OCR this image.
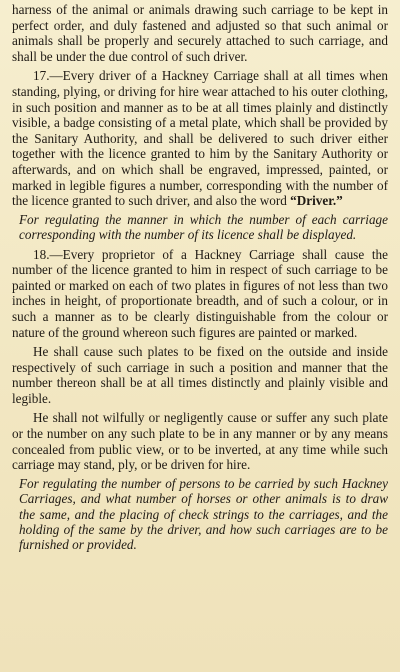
harness of the animal or animals drawing such carriage to be kept in perfect order, and duly fastened and adjusted so that such animal or animals shall be properly and securely attached to such carriage, and shall be under the due control of such driver.

17.—Every driver of a Hackney Carriage shall at all times when standing, plying, or driving for hire wear attached to his outer clothing, in such position and manner as to be at all times plainly and distinctly visible, a badge consisting of a metal plate, which shall be provided by the Sanitary Authority, and shall be delivered to such driver either together with the licence granted to him by the Sanitary Authority or afterwards, and on which shall be engraved, impressed, painted, or marked in legible figures a number, corresponding with the number of the licence granted to such driver, and also the word “Driver.”

For regulating the manner in which the number of each carriage corresponding with the number of its licence shall be displayed.

18.—Every proprietor of a Hackney Carriage shall cause the number of the licence granted to him in respect of such carriage to be painted or marked on each of two plates in figures of not less than two inches in height, of proportionate breadth, and of such a colour, or in such a manner as to be clearly distinguishable from the colour or nature of the ground whereon such figures are painted or marked.

He shall cause such plates to be fixed on the outside and inside respectively of such carriage in such a position and manner that the number thereon shall be at all times distinctly and plainly visible and legible.

He shall not wilfully or negligently cause or suffer any such plate or the number on any such plate to be in any manner or by any means concealed from public view, or to be inverted, at any time while such carriage may stand, ply, or be driven for hire.

For regulating the number of persons to be carried by such Hackney Carriages, and what number of horses or other animals is to draw the same, and the placing of check strings to the carriages, and the holding of the same by the driver, and how such carriages are to be furnished or provided.
